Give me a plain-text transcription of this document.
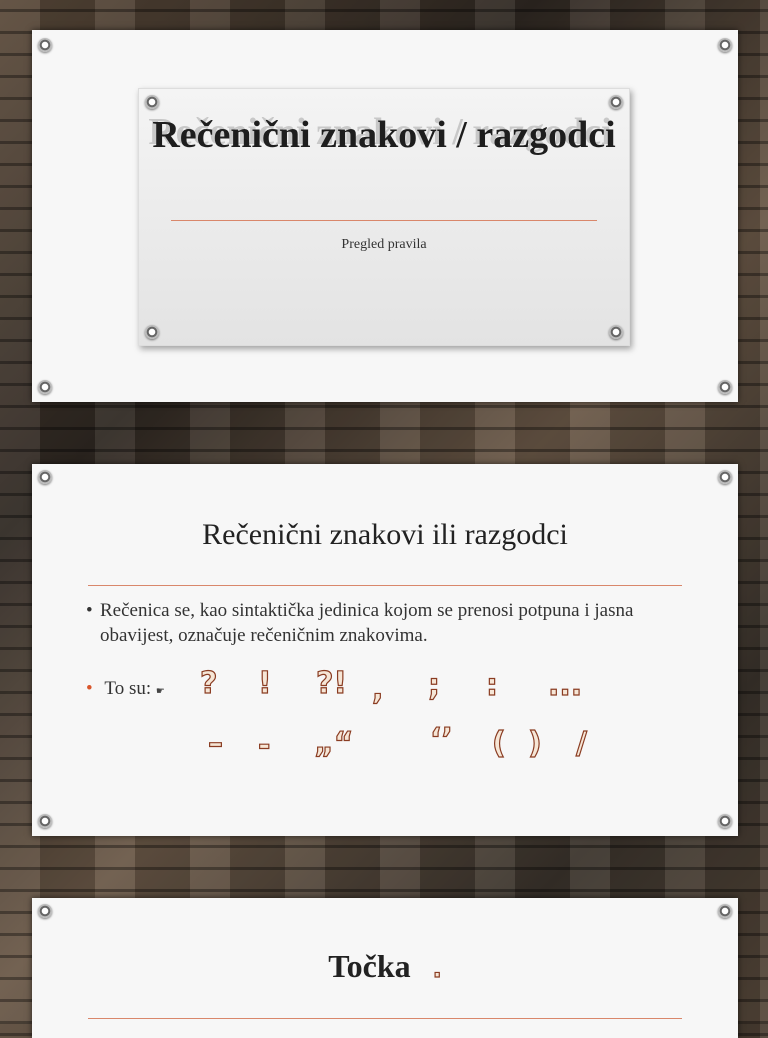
Rečenični znakovi / razgodci
Pregled pravila
Rečenični znakovi ili razgodci
• Rečenica se, kao sintaktička jedinica kojom se prenosi potpuna i jasna obavijest, označuje rečeničnim znakovima.
• To su: ☛ ? ! ?! , ; : ...
– - „“	‘’ ( ) /
Točka .
